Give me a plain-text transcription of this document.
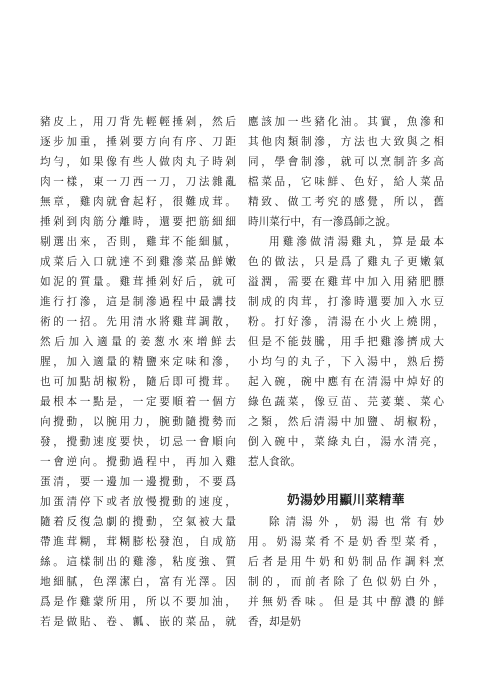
豬皮上，用刀背先輕輕捶剁，然后
逐步加重，捶剁要方向有序、刀距
均勻，如果像有些人做肉丸子時剁
肉一樣，東一刀西一刀，刀法雜亂
無章，雞肉就會起籽，很難成茸。
捶剁到肉筋分離時，還要把筋細細
剔選出來，否則，雞茸不能細膩，
成菜后入口就達不到雞滲菜品鮮嫩
如泥的質量。雞茸捶剁好后，就可
進行打滲，這是制滲過程中最講技
術的一招。先用清水將雞茸調散，
然后加入適量的姜葱水來增鮮去
腥，加入適量的精鹽來定味和滲，
也可加點胡椒粉，隨后即可攪茸。
最根本一點是，一定要順着一個方
向攪動，以腕用力，腕動隨攪勢而
發，攪動速度要快，切忌一會順向
一會逆向。攪動過程中，再加入雞
蛋清，要一邊加一邊攪動，不要爲
加蛋清停下或者放慢攪動的速度，
隨着反復急劇的攪動，空氣被大量
帶進茸糊，茸糊膨松發泡，自成筋
絲。這樣制出的雞滲，粘度強、質
地細膩，色澤潔白，富有光澤。因
爲是作雞蒙所用，所以不要加油，
若是做貼、卷、瓤、嵌的菜品，就
應該加一些豬化油。其實，魚滲和
其他肉類制滲，方法也大致與之相
同，學會制滲，就可以烹制許多高
檔菜品，它味鮮、色好，給人菜品
精致、做工考究的感覺，所以，舊
時川菜行中，有一滲爲師之說。
用雞滲做清湯雞丸，算是最本
色的做法，只是爲了雞丸子更嫩氣
溢潤，需要在雞茸中加入用豬肥膘
制成的肉茸，打滲時還要加入水豆
粉。打好滲，清湯在小火上燒開，
但是不能鼓騰，用手把雞滲擠成大
小均勻的丸子，下入湯中，熟后撈
起入碗，碗中應有在清湯中焯好的
綠色蔬菜，像豆苗、芫荽葉、菜心
之類，然后清湯中加鹽、胡椒粉，
倒入碗中，菜綠丸白，湯水清亮，
惹人食欲。
奶湯妙用顯川菜精華
除清湯外，奶湯也常有妙
用。奶湯菜肴不是奶香型菜肴，
后者是用牛奶和奶制品作調料烹
制的，而前者除了色似奶白外，
并無奶香味。但是其中醇濃的鮮
香，却是奶
